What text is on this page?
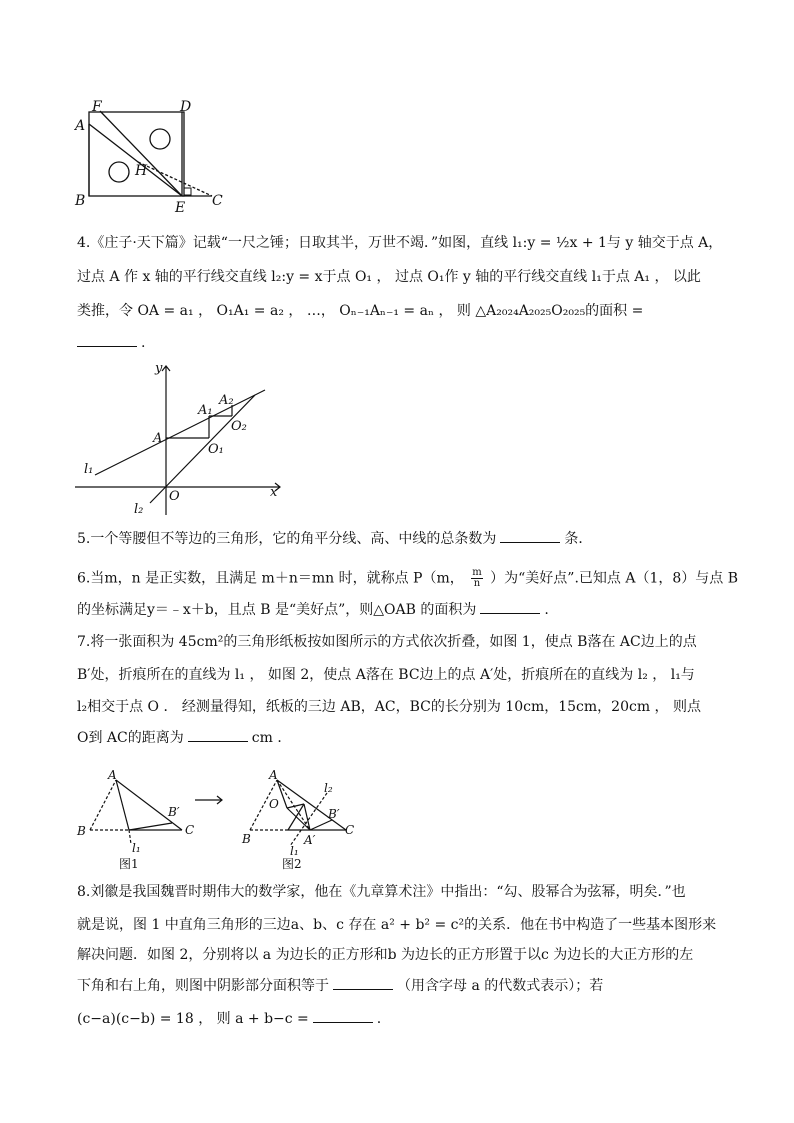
F	D
A
H
B	E C
4.《庄子·天下篇》记载“一尺之锤；日取其半，万世不竭．”如图，直线 l₁:y = ½x + 1与 y 轴交于点 A，
过点 A 作 x 轴的平行线交直线 l₂:y = x于点 O₁ ， 过点 O₁作 y 轴的平行线交直线 l₁于点 A₁ ， 以此
类推，令 OA = a₁ ， O₁A₁ = a₂ ， …， Oₙ₋₁Aₙ₋₁ = aₙ ， 则 △A₂₀₂₄A₂₀₂₅O₂₀₂₅的面积 =
.
y
x
A
O
A₁
A₂
O₁
O₂
l₁
l₂
5.一个等腰但不等边的三角形，它的角平分线、高、中线的总条数为	条．
6.当m，n 是正实数，且满足 m＋n＝mn 时，就称点 P（m， $\frac{m}{n}$ ）为“美好点”.已知点 A（1，8）与点 B
的坐标满足y＝﹣x＋b，且点 B 是“美好点”，则△OAB 的面积为	.
7.将一张面积为 45cm²的三角形纸板按如图所示的方式依次折叠，如图 1，使点 B落在 AC边上的点
B′处，折痕所在的直线为 l₁ ， 如图 2，使点 A落在 BC边上的点 A′处，折痕所在的直线为 l₂ ， l₁与
l₂相交于点 O ． 经测量得知，纸板的三边 AB，AC，BC的长分别为 10cm，15cm，20cm ， 则点
O到 AC的距离为	cm ．
A
B	C
B′
l₁
A
B
C
B′
A′
O
l₁
l₂
图1	图2
8.刘徽是我国魏晋时期伟大的数学家，他在《九章算术注》中指出：“勾、股幂合为弦幂，明矣．”也
就是说，图 1 中直角三角形的三边a、b、c 存在 a² + b² = c²的关系．他在书中构造了一些基本图形来
解决问题．如图 2，分别将以 a 为边长的正方形和b 为边长的正方形置于以c 为边长的大正方形的左
下角和右上角，则图中阴影部分面积等于	（用含字母 a 的代数式表示）；若
(c−a)(c−b) = 18 ， 则 a + b−c =	.
